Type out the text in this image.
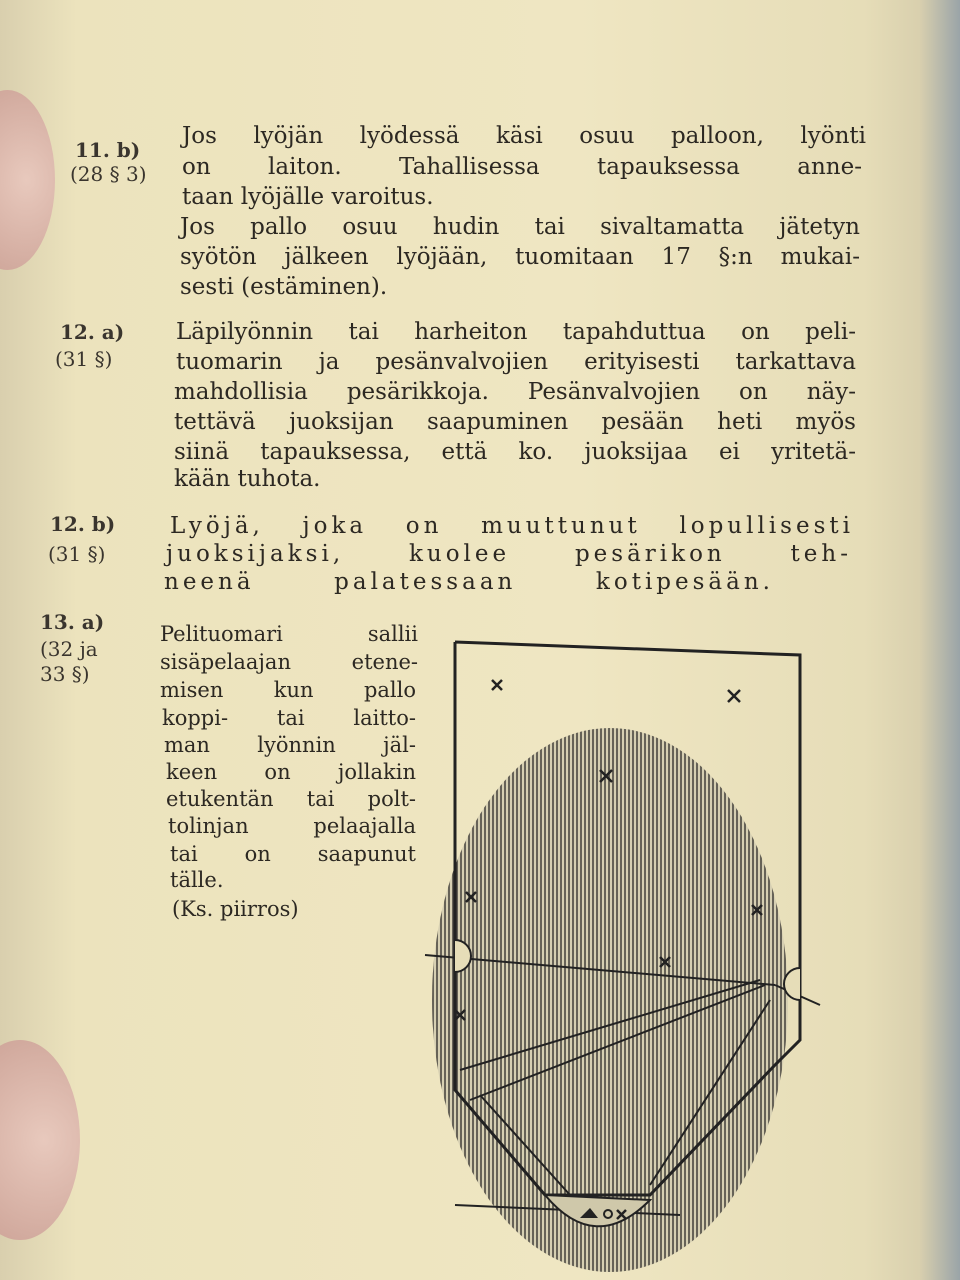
11. b)
(28 § 3)
Jos lyöjän lyödessä käsi osuu palloon, lyönti
on laiton. Tahallisessa tapauksessa anne-
taan lyöjälle varoitus.
Jos pallo osuu hudin tai sivaltamatta jätetyn
syötön jälkeen lyöjään, tuomitaan 17 §:n mukai-
sesti (estäminen).
12. a)
(31 §)
Läpilyönnin tai harheiton tapahduttua on peli-
tuomarin ja pesänvalvojien erityisesti tarkattava
mahdollisia pesärikkoja. Pesänvalvojien on näy-
tettävä juoksijan saapuminen pesään heti myös
siinä tapauksessa, että ko. juoksijaa ei yritetä-
kään tuhota.
12. b)
(31 §)
Lyöjä, joka on muuttunut lopullisesti
juoksijaksi, kuolee pesärikon teh-
neenä palatessaan kotipesään.
13. a)
(32 ja
33 §)
Pelituomari sallii
sisäpelaajan etene-
misen kun pallo
koppi- tai laitto-
man lyönnin jäl-
keen on jollakin
etukentän tai polt-
tolinjan pelaajalla
tai on saapunut
tälle.
(Ks. piirros)
